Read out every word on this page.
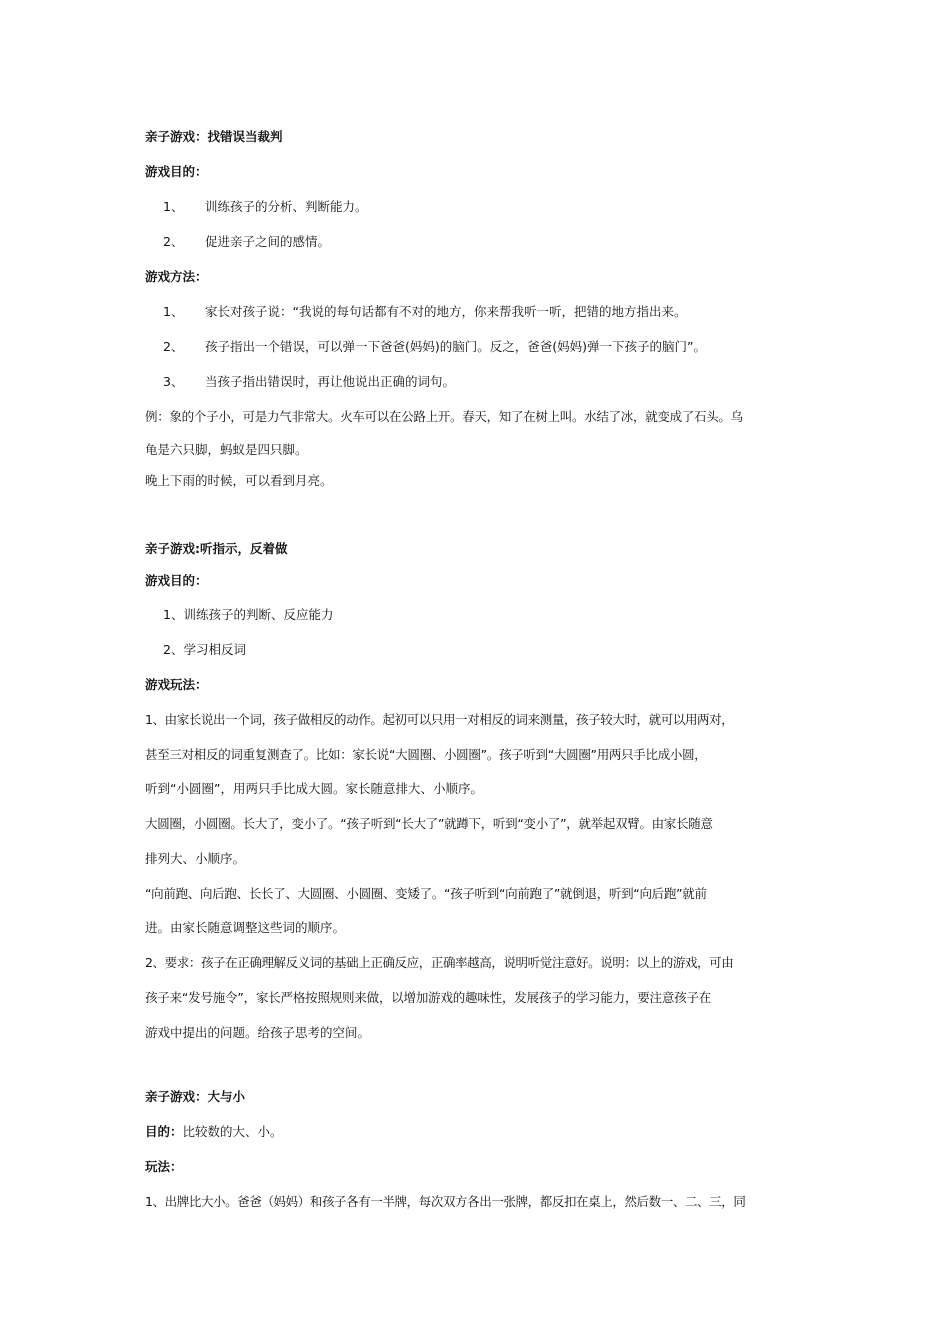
亲子游戏：找错误当裁判

游戏目的：

1、 训练孩子的分析、判断能力。
2、 促进亲子之间的感情。

游戏方法：

1、 家长对孩子说：“我说的每句话都有不对的地方，你来帮我听一听，把错的地方指出来。
2、 孩子指出一个错误，可以弹一下爸爸(妈妈)的脑门。反之，爸爸(妈妈)弹一下孩子的脑门”。
3、 当孩子指出错误时，再让他说出正确的词句。

例：象的个子小，可是力气非常大。火车可以在公路上开。春天，知了在树上叫。水结了冰，就变成了石头。乌

龟是六只脚，蚂蚁是四只脚。

晚上下雨的时候，可以看到月亮。

亲子游戏:听指示，反着做

游戏目的：

1、训练孩子的判断、反应能力

2、学习相反词

游戏玩法：

1、由家长说出一个词，孩子做相反的动作。起初可以只用一对相反的词来测量，孩子较大时，就可以用两对，

甚至三对相反的词重复测查了。比如：家长说“大圆圈、小圆圈”。孩子听到“大圆圈”用两只手比成小圆，

听到“小圆圈”，用两只手比成大圆。家长随意排大、小顺序。

大圆圈，小圆圈。长大了，变小了。“孩子听到“长大了”就蹲下，听到“变小了”，就举起双臂。由家长随意

排列大、小顺序。

“向前跑、向后跑、长长了、大圆圈、小圆圈、变矮了。“孩子听到“向前跑了”就倒退，听到“向后跑”就前

进。由家长随意调整这些词的顺序。

2、要求：孩子在正确理解反义词的基础上正确反应，正确率越高，说明听觉注意好。说明：以上的游戏，可由

孩子来“发号施令”，家长严格按照规则来做，以增加游戏的趣味性，发展孩子的学习能力，要注意孩子在

游戏中提出的问题。给孩子思考的空间。

亲子游戏：大与小

目的：比较数的大、小。

玩法：

1、出牌比大小。爸爸（妈妈）和孩子各有一半牌，每次双方各出一张牌，都反扣在桌上，然后数一、二、三，同
